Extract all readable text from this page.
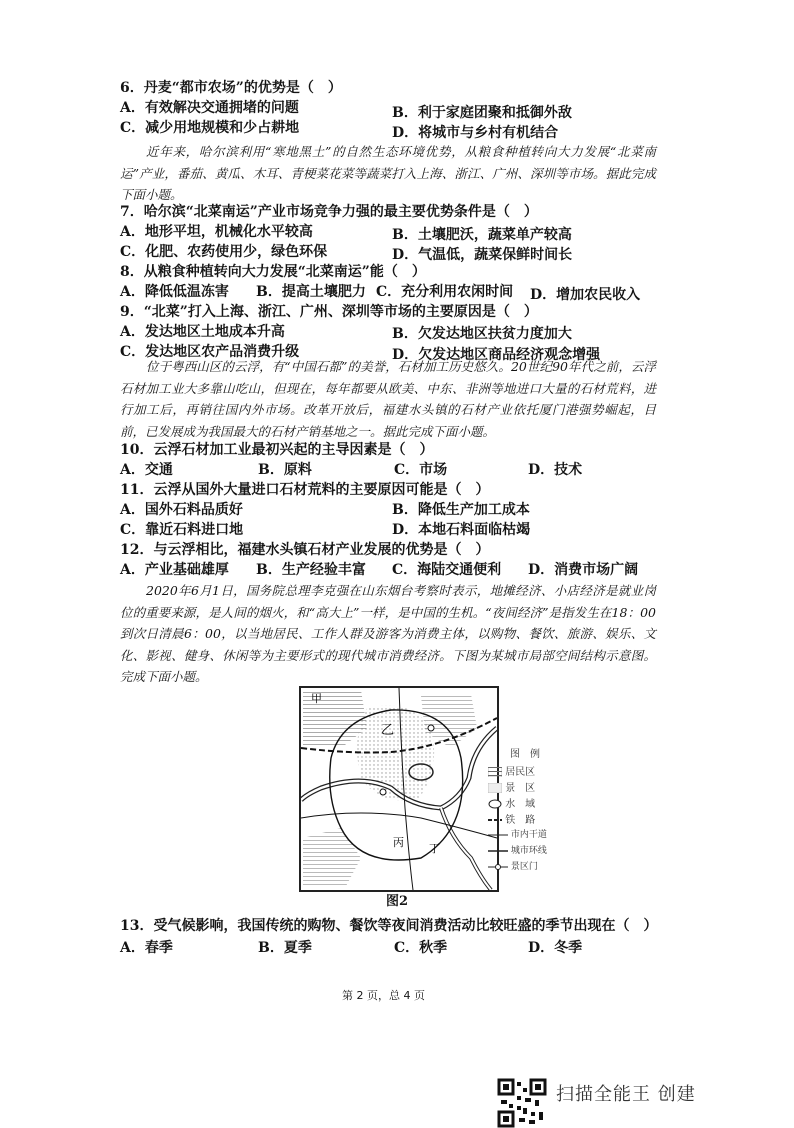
6．丹麦“都市农场”的优势是（　）
A．有效解决交通拥堵的问题	B．利于家庭团聚和抵御外敌
C．减少用地规模和少占耕地	D．将城市与乡村有机结合
近年来，哈尔滨利用“寒地黑土”的自然生态环境优势，从粮食种植转向大力发展“北菜南运”产业，番茄、黄瓜、木耳、青梗菜花菜等蔬菜打入上海、浙江、广州、深圳等市场。据此完成下面小题。
7．哈尔滨“北菜南运”产业市场竞争力强的最主要优势条件是（　）
A．地形平坦，机械化水平较高	B．土壤肥沃，蔬菜单产较高
C．化肥、农药使用少，绿色环保	D．气温低，蔬菜保鲜时间长
8．从粮食种植转向大力发展“北菜南运”能（　）
A．降低低温冻害 B．提高土壤肥力 C．充分利用农闲时间 D．增加农民收入
9．“北菜”打入上海、浙江、广州、深圳等市场的主要原因是（　）
A．发达地区土地成本升高	B．欠发达地区扶贫力度加大
C．发达地区农产品消费升级	D．欠发达地区商品经济观念增强
位于粤西山区的云浮，有“中国石都”的美誉，石材加工历史悠久。20世纪90年代之前，云浮石材加工业大多靠山吃山，但现在，每年都要从欧美、中东、非洲等地进口大量的石材荒料，进行加工后，再销往国内外市场。改革开放后，福建水头镇的石材产业依托厦门港强势崛起，目前，已发展成为我国最大的石材产销基地之一。据此完成下面小题。
10．云浮石材加工业最初兴起的主导因素是（　）
A．交通	B．原料	C．市场	D．技术
11．云浮从国外大量进口石材荒料的主要原因可能是（　）
A．国外石料品质好	B．降低生产加工成本
C．靠近石料进口地	D．本地石料面临枯竭
12．与云浮相比，福建水头镇石材产业发展的优势是（　）
A．产业基础雄厚 B．生产经验丰富 C．海陆交通便利 D．消费市场广阔
2020年6月1日，国务院总理李克强在山东烟台考察时表示，地摊经济、小店经济是就业岗位的重要来源，是人间的烟火，和“高大上”一样，是中国的生机。“夜间经济”是指发生在18：00到次日清晨6：00，以当地居民、工作人群及游客为消费主体，以购物、餐饮、旅游、娱乐、文化、影视、健身、休闲等为主要形式的现代城市消费经济。下图为某城市局部空间结构示意图。完成下面小题。
甲
乙
丙 丁
图　例
居民区
景　区
水　域
铁　路
市内干道
城市环线
景区门
图2
13．受气候影响，我国传统的购物、餐饮等夜间消费活动比较旺盛的季节出现在（　）
A．春季	B．夏季	C．秋季	D．冬季
第 2 页，总 4 页
扫描全能王 创建
